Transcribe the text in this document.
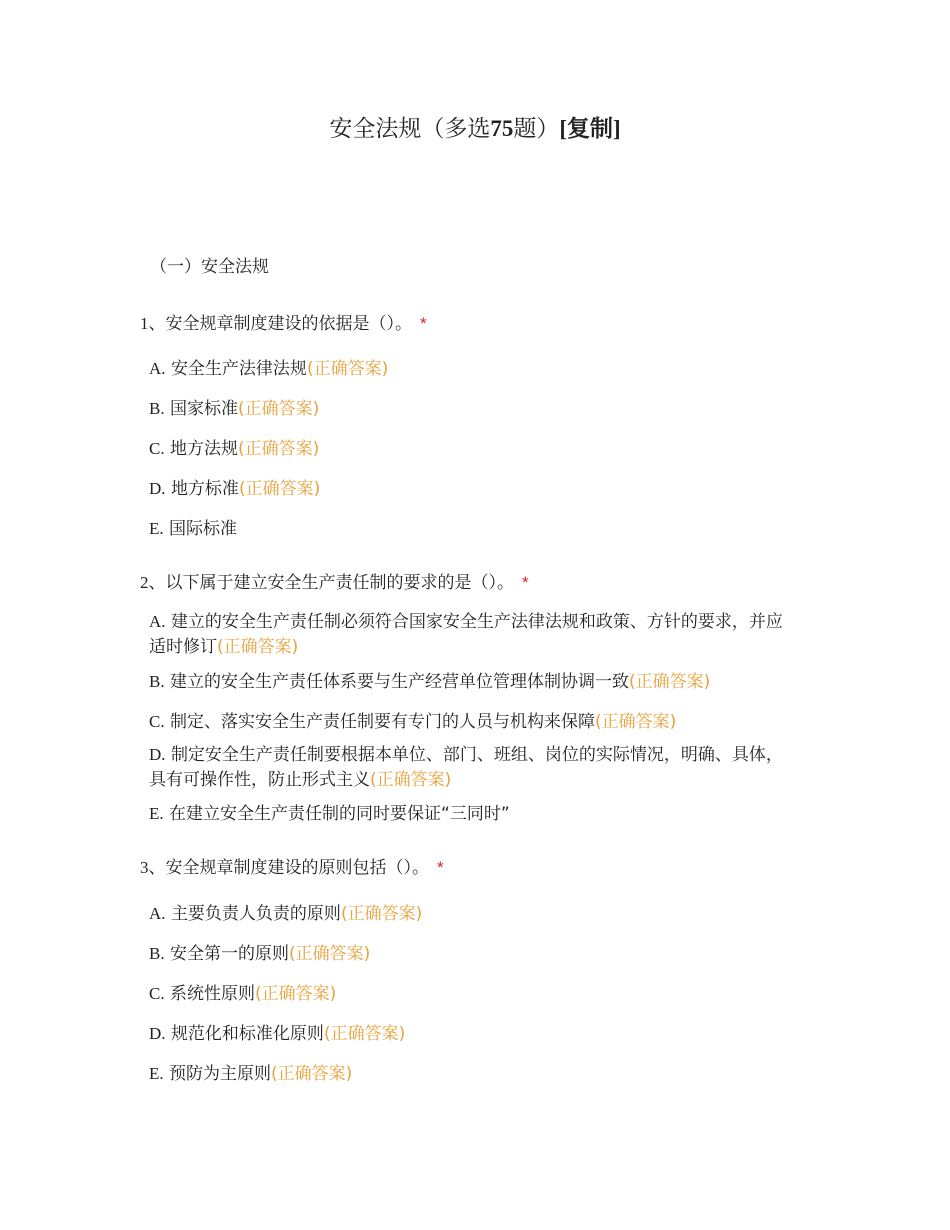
安全法规（多选75题）[复制]
（一）安全法规
1、安全规章制度建设的依据是（）。 *
A. 安全生产法律法规(正确答案)
B. 国家标准(正确答案)
C. 地方法规(正确答案)
D. 地方标准(正确答案)
E. 国际标准
2、以下属于建立安全生产责任制的要求的是（）。 *
A. 建立的安全生产责任制必须符合国家安全生产法律法规和政策、方针的要求，并应适时修订(正确答案)
B. 建立的安全生产责任体系要与生产经营单位管理体制协调一致(正确答案)
C. 制定、落实安全生产责任制要有专门的人员与机构来保障(正确答案)
D. 制定安全生产责任制要根据本单位、部门、班组、岗位的实际情况，明确、具体，具有可操作性，防止形式主义(正确答案)
E. 在建立安全生产责任制的同时要保证“三同时”
3、安全规章制度建设的原则包括（）。 *
A. 主要负责人负责的原则(正确答案)
B. 安全第一的原则(正确答案)
C. 系统性原则(正确答案)
D. 规范化和标准化原则(正确答案)
E. 预防为主原则(正确答案)
